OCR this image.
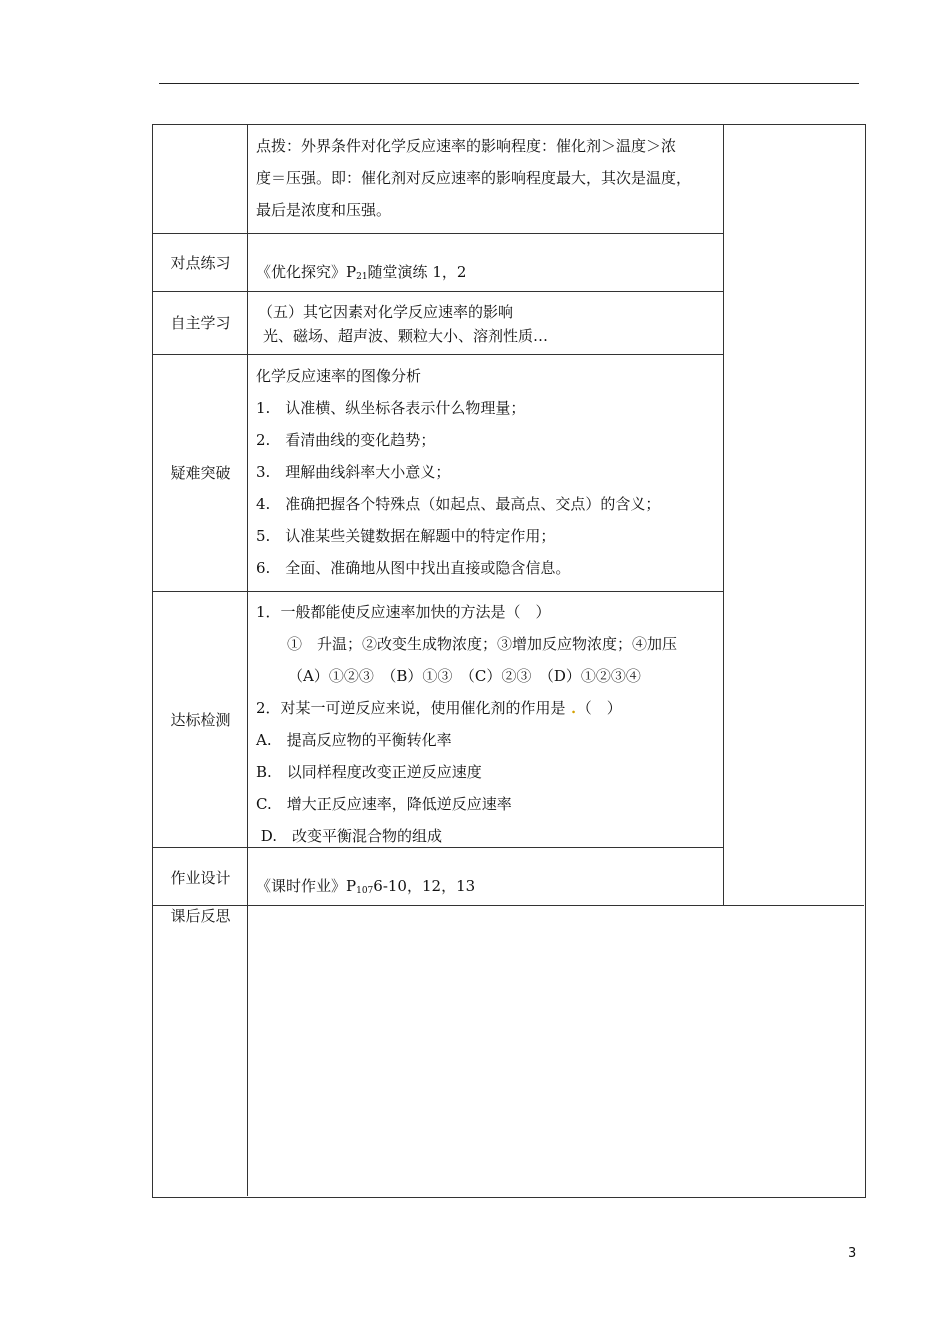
点拨：外界条件对化学反应速率的影响程度：催化剂＞温度＞浓
度＝压强。即：催化剂对反应速率的影响程度最大，其次是温度，
最后是浓度和压强。
对点练习	《优化探究》$P_{21}$随堂演练 1，2
自主学习
（五）其它因素对化学反应速率的影响
光、磁场、超声波、颗粒大小、溶剂性质…
疑难突破
化学反应速率的图像分析
1.　认准横、纵坐标各表示什么物理量；
2.　看清曲线的变化趋势；
3.　理解曲线斜率大小意义；
4.　准确把握各个特殊点（如起点、最高点、交点）的含义；
5.　认准某些关键数据在解题中的特定作用；
6.　全面、准确地从图中找出直接或隐含信息。
达标检测
1．一般都能使反应速率加快的方法是（　）
①　升温；②改变生成物浓度；③增加反应物浓度；④加压
（A）①②③　（B）①③　（C）②③　（D）①②③④
2．对某一可逆反应来说，使用催化剂的作用是 .（　）
A.　提高反应物的平衡转化率
B.　以同样程度改变正逆反应速度
C.　增大正反应速率，降低逆反应速率
D.　改变平衡混合物的组成
作业设计	《课时作业》$P_{107}6-10$，12，13
课后反思
3
